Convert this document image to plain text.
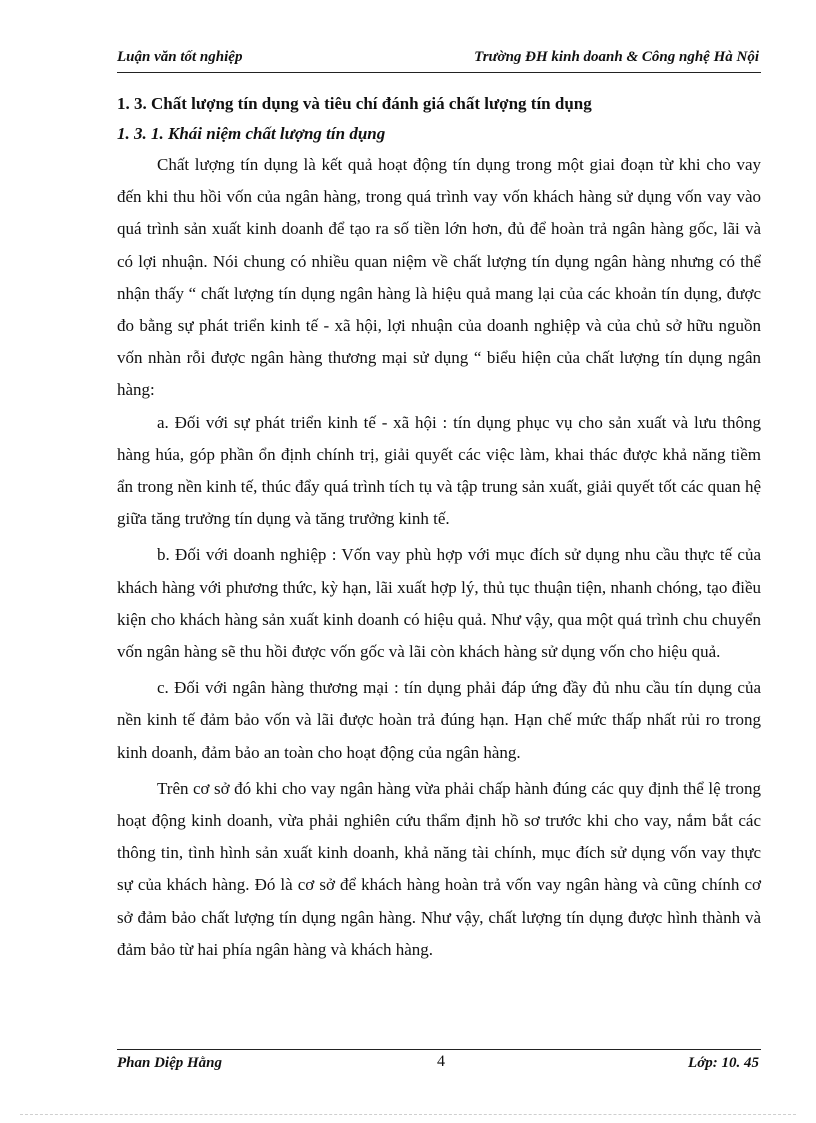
Luận văn tốt nghiệp	Trường ĐH kinh doanh & Công nghệ Hà Nội
1. 3. Chất lượng tín dụng và tiêu chí đánh giá chất lượng tín dụng
1. 3. 1. Khái niệm chất lượng tín dụng

Chất lượng tín dụng là kết quả hoạt động tín dụng trong một giai đoạn từ khi cho vay đến khi thu hồi vốn của ngân hàng, trong quá trình vay vốn khách hàng sử dụng vốn vay vào quá trình sản xuất kinh doanh để tạo ra số tiền lớn hơn, đủ để hoàn trả ngân hàng gốc, lãi và có lợi nhuận. Nói chung có nhiều quan niệm về chất lượng tín dụng ngân hàng nhưng có thể nhận thấy “ chất lượng tín dụng ngân hàng là hiệu quả mang lại của các khoản tín dụng, được đo bằng sự phát triển kinh tế - xã hội, lợi nhuận của doanh nghiệp và của chủ sở hữu nguồn vốn nhàn rỗi được ngân hàng thương mại sử dụng “ biểu hiện của chất lượng tín dụng ngân hàng:

a. Đối với sự phát triển kinh tế - xã hội : tín dụng phục vụ cho sản xuất và lưu thông hàng húa, góp phần ổn định chính trị, giải quyết các việc làm, khai thác được khả năng tiềm ẩn trong nền kinh tế, thúc đẩy quá trình tích tụ và tập trung sản xuất, giải quyết tốt các quan hệ giữa tăng trưởng tín dụng và tăng trưởng kinh tế.

b. Đối với doanh nghiệp : Vốn vay phù hợp với mục đích sử dụng nhu cầu thực tế của khách hàng với phương thức, kỳ hạn, lãi xuất hợp lý, thủ tục thuận tiện, nhanh chóng, tạo điều kiện cho khách hàng sản xuất kinh doanh có hiệu quả. Như vậy, qua một quá trình chu chuyển vốn ngân hàng sẽ thu hồi được vốn gốc và lãi còn khách hàng sử dụng vốn cho hiệu quả.

c. Đối với ngân hàng thương mại : tín dụng phải đáp ứng đầy đủ nhu cầu tín dụng của nền kinh tế đảm bảo vốn và lãi được hoàn trả đúng hạn. Hạn chế mức thấp nhất rủi ro trong kinh doanh, đảm bảo an toàn cho hoạt động của ngân hàng.

Trên cơ sở đó khi cho vay ngân hàng vừa phải chấp hành đúng các quy định thể lệ trong hoạt động kinh doanh, vừa phải nghiên cứu thẩm định hồ sơ trước khi cho vay, nắm bắt các thông tin, tình hình sản xuất kinh doanh, khả năng tài chính, mục đích sử dụng vốn vay thực sự của khách hàng. Đó là cơ sở để khách hàng hoàn trả vốn vay ngân hàng và cũng chính cơ sở đảm bảo chất lượng tín dụng ngân hàng. Như vậy, chất lượng tín dụng được hình thành và đảm bảo từ hai phía ngân hàng và khách hàng.

Phan Diệp Hằng	4	Lớp: 10. 45
